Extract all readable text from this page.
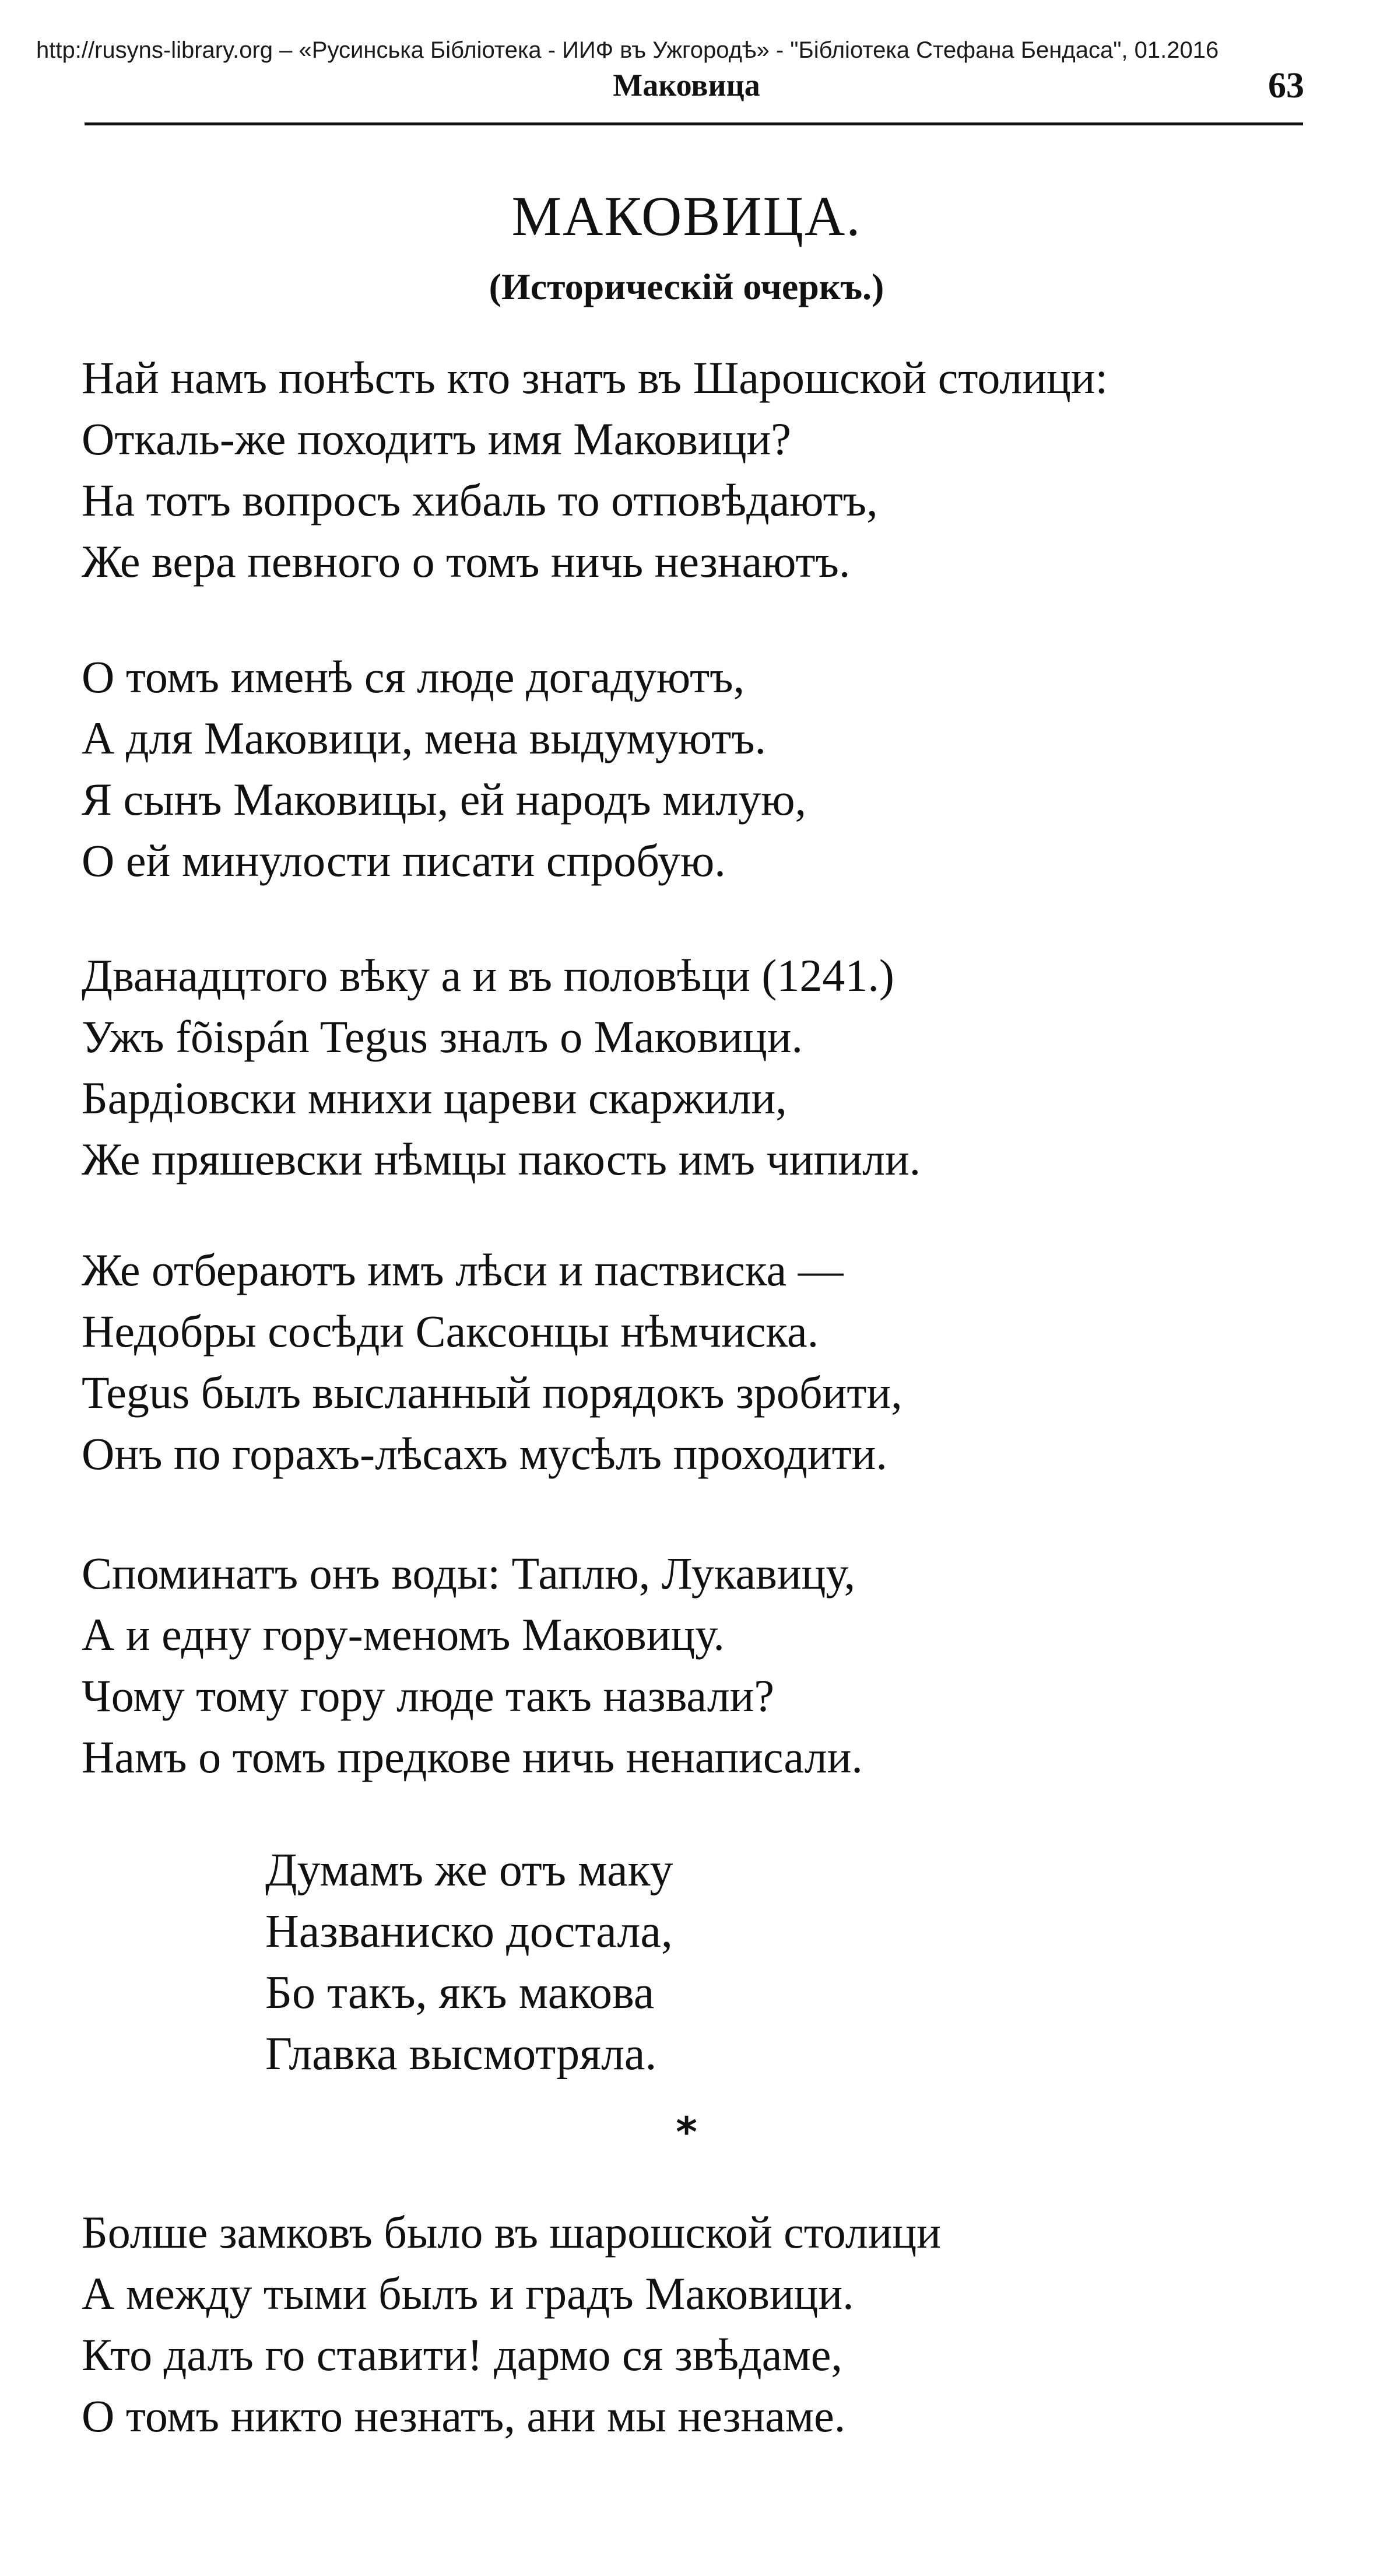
http://rusyns-library.org – «Русинська Бібліотека - ИИФ въ Ужгородѣ» - "Бібліотека Стефана Бендаса", 01.2016
Маковица	63
МАКОВИЦА.
(Историческій очеркъ.)
Най намъ понѣсть кто знатъ въ Шарошской столици:
Откаль-же походитъ имя Маковици?
На тотъ вопросъ хибаль то отповѣдаютъ,
Же вера певного о томъ ничь незнаютъ.
О томъ именѣ ся люде догадуютъ,
А для Маковици, мена выдумуютъ.
Я сынъ Маковицы, ей народъ милую,
О ей минулости писати спробую.
Дванадцтого вѣку а и въ половѣци (1241.)
Ужъ fõispán Tegus зналъ о Маковици.
Бардіовски мнихи цареви скаржили,
Же пряшевски нѣмцы пакость имъ чипили.
Же отбераютъ имъ лѣси и паствиска —
Недобры сосѣди Саксонцы нѣмчиска.
Tegus былъ высланный порядокъ зробити,
Онъ по горахъ-лѣсахъ мусѣлъ проходити.
Споминатъ онъ воды: Таплю, Лукавицу,
А и едну гору-меномъ Маковицу.
Чому тому гору люде такъ назвали?
Намъ о томъ предкове ничь ненаписали.
Думамъ же отъ маку
Названиско достала,
Бо такъ, якъ макова
Главка высмотряла.
*
Болше замковъ было въ шарошской столици
А между тыми былъ и градъ Маковици.
Кто далъ го ставити! дармо ся звѣдаме,
О томъ никто незнатъ, ани мы незнаме.
